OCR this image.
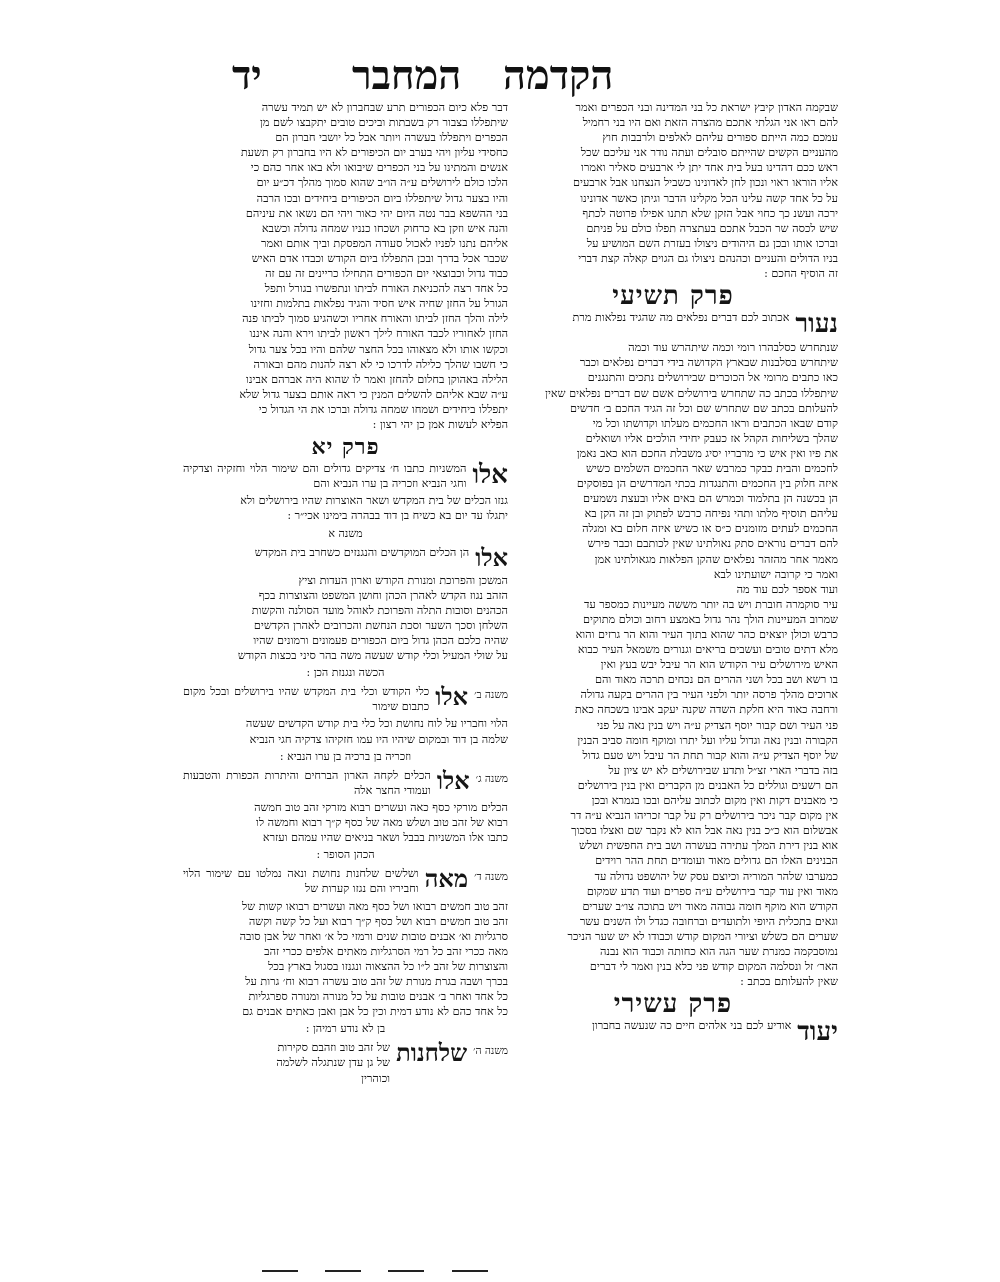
הקדמה
המחבר
יד
שבקמה האדון קיבץ ישראת כל בני המדינה ובני הכפרים ואמר
להם ראו אני הגלתי אתכם מהצרה הזאת ואם היו בני רחמיל
עמכם כמה הייתם ספורים עליהם לאלפים ולרבבות חוץ
מהעניים הקשים שהייתם סובלים ועתה נודר אני עליכם שכל
ראש ככם דהדינו בעל בית אחד יתן לי ארבעים סאליר ואמרו
אליו הוראו ראוי ונכון לחן לאדונינו כשביל הנצחנו אבל ארבעים
על כל אחד קשה עלינו הכל מקלינו הדבר וגיתן כאשר אדונינו
ירכה ועשנ כך כחוי אבל הזקן שלא תתנו אפילו פרוטה לכתף
שיש לכסה שר הכבל אתכם בעתצרה תפלו כולם על פניתם
וברכו אותו ובכן גם היהודים ניצולו בעזרת השם המושיע על
בניו הדולים והעניים וכהנהם ניצולו גם הגוים קאלה קצת דברי
זה הוסיף החכם :
פרק תשיעי
נעור
אכתוב לכם דברים נפלאים מה שהגיד נפלאות מרת
שנתחרש כסלבהרו רומי וכמה שיתהרש עוד וכמה
שיתחרש בסלבנות שבארץ הקדושה בידי דברים נפלאים וכבר
כאו כתבים מרומי אל הכוכרים שבירושלים נתכים והתנגנים
שיתפללו בכתב כה שתחרש בירושלים אשם שם דברים נפלאים שאין
להעלותם בכתב שם שתחרש שם וכל זה הגיד החכם ב׳ חדשים
קודם שבאו הכתבים וראו החכמים מעלתו וקדושתו וכל מי
שהלך בשליחות הקהל אז כעבק יחידי הולכים אליו ושואלים
את פיו ואין איש כי מרבריו יסיג משבלת החכם הוא כאב נאמן
לחכמים והבית כבקר כמרבש שאר החכמים השלמים כשיש
איזה חלוק בין החכמים והתנגדות בכתי המדרשים הן בפוסקים
הן בכשנה הן בתלמוד וכמרש הם באים אליו ובעצת נשמעים
עליהם תוסיף מלתו ותהי נפיחה כרבש לפתוק ובן זה הקן בא
החכמים לעתים מזומנים כ״ס או כשיש איזה חלום בא ומגלה
להם דברים נוראים סתק נאולתינו שאין לכותבם וכבר פירש
מאמר אחר מהזהר נפלאים שהקן הפלאות מגאולתינו אמן
ואמר כי קרובה ישועתינו לבא
ועוד אספר לכם עוד מה
עיר סוקמרה חוברת ויש בה יותר מששה מעיינות כמספר עד
שמרוב המעיינות הולך נהר גדול באמצע רחוב וכולם מתוקים
כרבש וכולן יוצאים כהר שהוא בתוך העיר והוא הר גרזים והוא
מלא דתים טובים ועשבים בריאים וגנורים משמאל העיר כבוא
האיש מירושלים עיר הקודש הוא הר עיבל יבש בעץ ואין
בו רשא ושב בכל ושני ההרים הם נכחים תרכה מאוד והם
ארוכים מהלך פרסה יותר ולפני העיר בין ההרים בקעה גדולה
ורחבה כאוד היא חלקת השדה שקנה יעקב אבינו בשכחה כאת
פני העיר ושם קבור יוסף הצדיק ע״ה ויש בנין נאה על פני
הקבורה ובנין נאה וגדול עליו ועל יתרו ומוקף חומה סביב הבנין
של יוסף הצדיק ע״ה והוא קבור תחת הר עיבל ויש טעם גדול
בזה בדברי הארי זצ״ל ותדע שבירושלים לא יש ציון על
הם רשעים וגוללים כל האבנים מן הקברים ואין בנין בירושלים
כי מאבנים דקות ואין מקום לכתוב עליהם ובכו בגמרא ובכן
אין מקום קבר ניכר בירושלים רק על קבר זכריהו הנביא ע״ה דר
אבשלום הוא כ״כ בנין נאה אבל הוא לא נקבר שם ואצלו בסכוך
אוא בנין דירת המלך עתירה בעשרה ושב בית החפשית ושלש
הבנינים האלו הם גדולים מאוד ועומדים תחת ההר רוידים
כמערבו שלהר המוריה וכיוצם עסק של יהושפט גדולה עד
מאוד ואין עוד קבר בירושלים ע״ה ספרים ועוד תדע שמקום
הקודש הוא מוקף חומה גבוהה מאוד ויש בתוכה צו״ב שערים
וגאים בתכלית היופי ולתועדים וברחובה כגדל ולו השנים עשר
שערים הם כשלש וציורי המקום קודש וכבודו לא יש שער הניכר
נמוסבקמה כמנרת שער הגה הוא כחותה וכבוד הוא נבנה
האר׳ זל ונסלמה המקום קודש פני כלא בנין ואמר לי דברים
שאין להעלותם בכתב :
פרק עשירי
יעוד
אודיע לכם בני אלהים חיים כה שנעשה בחברון
דבר פלא כיום הכפורים תרע שבחברון לא יש תמיד עשרה
שיתפללו בצבור רק בשבתות וביכים טובים יתקבצו לשם מן
הכפרים ויתפללו בעשרה ויותר אבל כל יושבי חברון הם
כחסידי עליון ויהי בערב יום הכיפורים לא היו בחברון רק תשעת
אנשים והמתינו על בני הכפרים שיבואו ולא באו אחר כהם כי
הלכו כולם לירושלים ע״ה הו״ב שהוא סמוך מהלך דכ״ע יום
והיו בצער גדול שיתפללו ביום הכיפורים ביחידים ובכו הרבה
בני ההשפא בבר נטה היום יהי כאור ויהי הם נשאו את עיניהם
והנה איש וזקן בא כרחוק ושכחו כנניו שמחה גדולה וכשבא
אליהם נתנו לפניו לאכול סעודה המפסקת וביך אותם ואמר
שכבר אכל בדרך ובכן התפללו ביום הקודש וכבדו אדם האיש
כבוד גדול וכבוצאי יום הכפורים התחילו כריינים זה עם זה
כל אחד רצה להכניאת האורח לביתו ונתפשרו בגורל ותפל
הגורל על החזן שחיה איש חסיד והגיד נפלאות בתלמות וחזינו
לילה והלך החזן לביתו והאורח אחריו וכשהגיע סמוך לביתו פנה
החזן לאחוריו לכבד האורח לילך ראשון לביתו וירא והנה איננו
וכקשו אותו ולא מצאוהו בכל החצר שלהם והיו בכל צער גדול
כי חשבו שהלך כלילה לדרכו כי לא רצה להנות מהם ובאורה
הלילה באהוקן בחלום להחזן ואמר לו שהוא היה אברהם אבינו
ע״ה שבא אליהם להשלים המנין כי ראה אותם בצער גדול שלא
יתפללו ביחידים ושמחו שמחה גדולה וברכו את הי הגדול כי
הפליא לעשות אמן כן יהי רצון :
פרק יא
אלו
המשניות כתבו ח׳ צדיקים גדולים והם שימור הלוי וחזקיה וצדקיה וחגי הנביא וזכריה בן ערו הנביא והם
גנזו הכלים של בית המקדש ושאר האוצרות שהיו בירושלים ולא
יתגלו עד יום בא כשיח בן דוד בבהרה בימינו אכי״ר :
משנה א
אלו
הן הכלים המוקדשים והנגנזים כשחרב בית המקדש
המשכן והפרוכת ומנורת הקודש וארון העדות וציץ
הזהב נגוז הקדש לאהרן הכהן וחושן המשפט והצוצרות בכף
הכהנים וסובות התלה והפרוכת לאוהל מועד הסולנה והקשות
השלחן וסכך השער וסכת הנחשת והכרובים לאהרן הקדשים
שהיה כלכם הכהן גדול ביום הכפורים פעמונים ורמונים שהיו
על שולי המעיל וכלי קודש שעשה משה בהר סיני בכצות הקודש
הכשה ונגנזת הכן :
משנה ב׳
אלו
כלי הקודש וכלי בית המקדש שהיו בירושלים ובכל מקום כתבום שימור
הלוי וחבריו על לוח נחושת וכל כלי בית קודש הקדשים שעשה
שלמה בן דוד ובמקום שיהיו היו עמו חזקיהו צדקיה חגי הנביא
וזכריה בן ברכיה בן ערו הנביא :
משנה ג׳
אלו
הכלים לקחה הארון הברחים והיתרות הכפורת והטבעות ועמודי החצר אלה
הכלים מורקי כסף כאה ועשרים רבוא מזרקי זהב טוב חמשה
רבוא של זהב טוב ושלש מאה של כסף ק״ך רבוא וחמשה לו
כתבו אלו המשניות בבבל ושאר בניאים שהיו עמהם ועזרא
הכהן הסופר :
משנה ד׳
מאה
ושלשים שלחנות נחושת ונאה נמלטו עם שימור הלוי וחביריו והם נגזו קערות של
זהב טוב חמשים רבואו ושל כסף מאה ועשרים רבואו קשות של
זהב טוב חמשים רבוא ושל כסף ק״ך רבוא ועל כל קשה וקשה
סרגליות וא׳ אבנים טובות שנים ורמזי כל א׳ ואחר של אבן סובה
מאה ככרי זהב כל רמי הסרגליות מאתים אלפים ככרי זהב
והצוצרות של זהב ל״ו כל ההצאוה ונגנזו בסגול בארץ בכל
בכרך ושבה בגרת מנורת של זהב טוב עשרה רבוא וח׳ גרות על
כל אחד ואחר ב׳ אבנים טובות על כל מנורה ומנורה ספרגליות
כל אחד כהם לא נודע דמית וכין כל אבן ואבן כאתים אבנים גם
בן לא נודע רמיהן :
משנה ה׳
שלחנות
של זהב טוב וזהבם סקירות
של גן עדן שנתגלה לשלמה
וכוהרין
